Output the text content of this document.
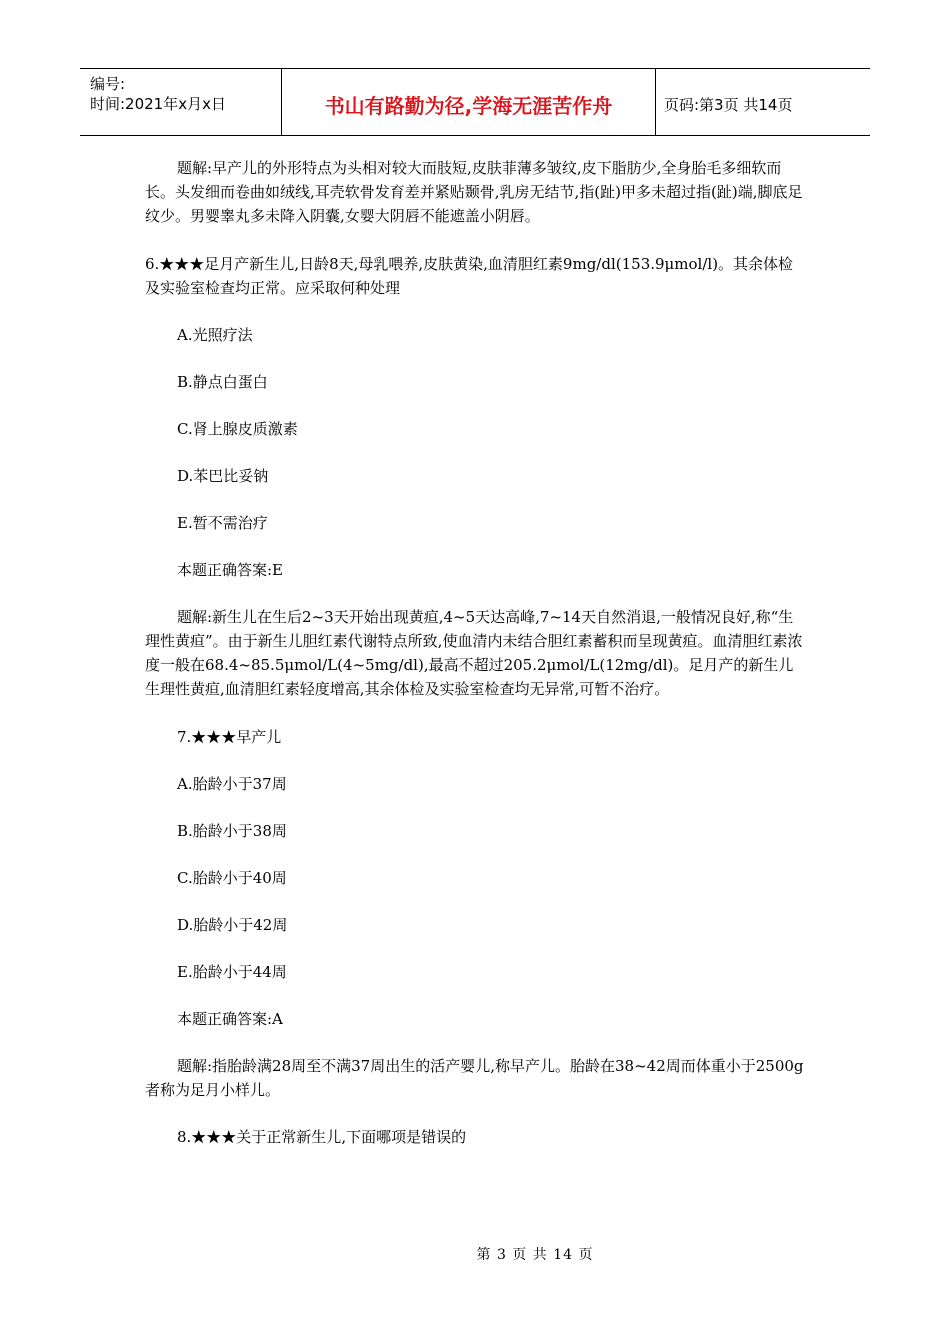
编号:
时间:2021年x月x日	书山有路勤为径,学海无涯苦作舟	页码:第3页 共14页

题解:早产儿的外形特点为头相对较大而肢短,皮肤菲薄多皱纹,皮下脂肪少,全身胎毛多细软而长。头发细而卷曲如绒线,耳壳软骨发育差并紧贴颞骨,乳房无结节,指(趾)甲多未超过指(趾)端,脚底足纹少。男婴睾丸多未降入阴囊,女婴大阴唇不能遮盖小阴唇。

6.★★★足月产新生儿,日龄8天,母乳喂养,皮肤黄染,血清胆红素9mg/dl(153.9μmol/l)。其余体检及实验室检查均正常。应采取何种处理

A.光照疗法

B.静点白蛋白

C.肾上腺皮质激素

D.苯巴比妥钠

E.暂不需治疗

本题正确答案:E

题解:新生儿在生后2~3天开始出现黄疸,4~5天达高峰,7~14天自然消退,一般情况良好,称“生理性黄疸”。由于新生儿胆红素代谢特点所致,使血清内未结合胆红素蓄积而呈现黄疸。血清胆红素浓度一般在68.4~85.5μmol/L(4~5mg/dl),最高不超过205.2μmol/L(12mg/dl)。足月产的新生儿生理性黄疸,血清胆红素轻度增高,其余体检及实验室检查均无异常,可暂不治疗。

7.★★★早产儿

A.胎龄小于37周

B.胎龄小于38周

C.胎龄小于40周

D.胎龄小于42周

E.胎龄小于44周

本题正确答案:A

题解:指胎龄满28周至不满37周出生的活产婴儿,称早产儿。胎龄在38~42周而体重小于2500g者称为足月小样儿。

8.★★★关于正常新生儿,下面哪项是错误的

第 3 页 共 14 页
